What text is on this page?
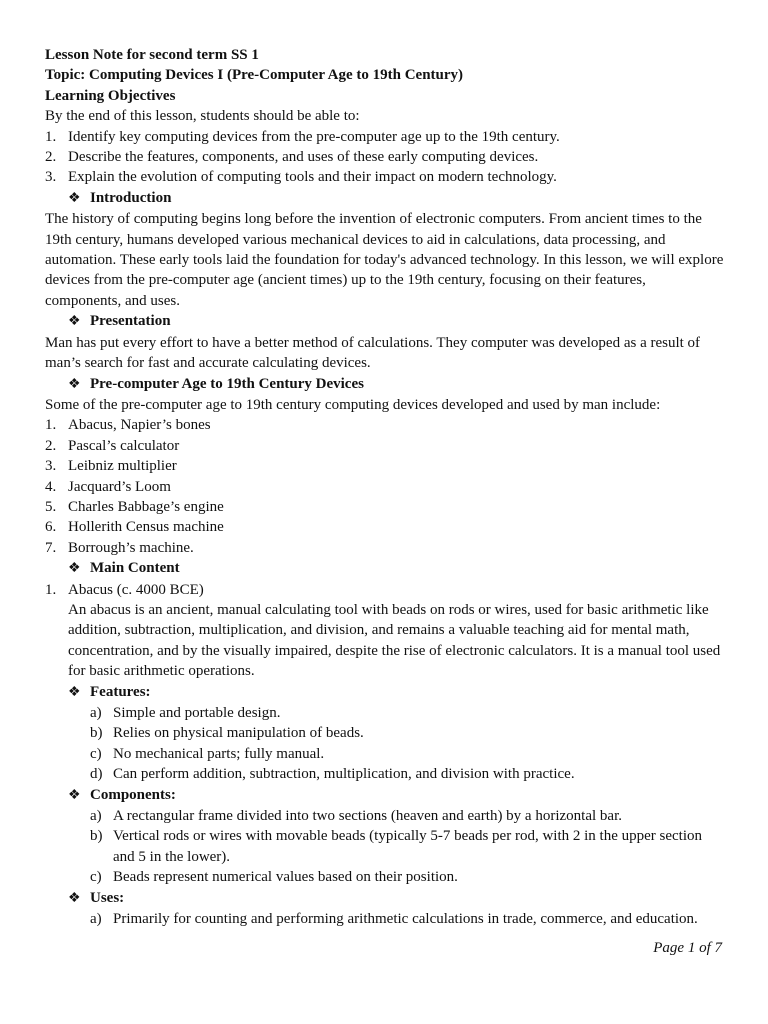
Lesson Note for second term SS 1

Topic: Computing Devices I (Pre-Computer Age to 19th Century)

Learning Objectives

By the end of this lesson, students should be able to:

1. Identify key computing devices from the pre-computer age up to the 19th century.
2. Describe the features, components, and uses of these early computing devices.
3. Explain the evolution of computing tools and their impact on modern technology.
❖ Introduction

The history of computing begins long before the invention of electronic computers. From ancient times to the 19th century, humans developed various mechanical devices to aid in calculations, data processing, and automation. These early tools laid the foundation for today's advanced technology. In this lesson, we will explore devices from the pre-computer age (ancient times) up to the 19th century, focusing on their features, components, and uses.

❖ Presentation

Man has put every effort to have a better method of calculations. They computer was developed as a result of man’s search for fast and accurate calculating devices.

❖ Pre-computer Age to 19th Century Devices

Some of the pre-computer age to 19th century computing devices developed and used by man include:

1. Abacus, Napier’s bones
2. Pascal’s calculator
3. Leibniz multiplier
4. Jacquard’s Loom
5. Charles Babbage’s engine
6. Hollerith Census machine
7. Borrough’s machine.
❖ Main Content
1. Abacus (c. 4000 BCE)
An abacus is an ancient, manual calculating tool with beads on rods or wires, used for basic arithmetic like addition, subtraction, multiplication, and division, and remains a valuable teaching aid for mental math, concentration, and by the visually impaired, despite the rise of electronic calculators. It is a manual tool used for basic arithmetic operations.
❖ Features:
a) Simple and portable design.
b) Relies on physical manipulation of beads.
c) No mechanical parts; fully manual.
d) Can perform addition, subtraction, multiplication, and division with practice.
❖ Components:
a) A rectangular frame divided into two sections (heaven and earth) by a horizontal bar.
b) Vertical rods or wires with movable beads (typically 5-7 beads per rod, with 2 in the upper section and 5 in the lower).
c) Beads represent numerical values based on their position.
❖ Uses:
a) Primarily for counting and performing arithmetic calculations in trade, commerce, and education.
Page 1 of 7
